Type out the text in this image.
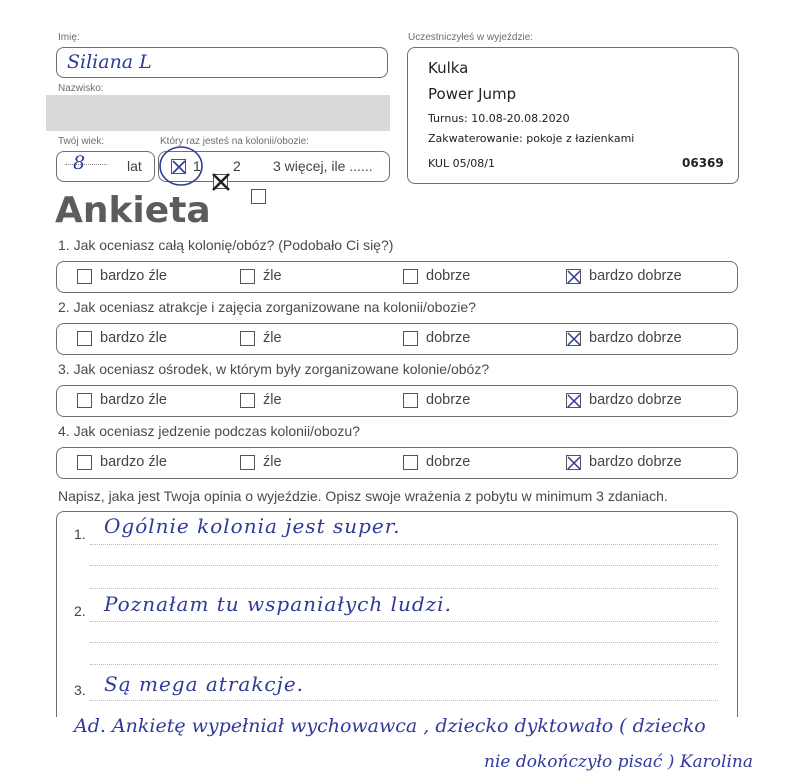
Imię:
Siliana L
Nazwisko:
Twój wiek:
8	lat
Który raz jesteś na kolonii/obozie:
1 2 3 więcej, ile ......
Uczestniczyłeś w wyjeździe:
Kulka
Power Jump
Turnus: 10.08-20.08.2020
Zakwaterowanie: pokoje z łazienkami
KUL 05/08/1	06369
Ankieta
1. Jak oceniasz całą kolonię/obóz? (Podobało Ci się?)
bardzo źle	źle	dobrze	bardzo dobrze
2. Jak oceniasz atrakcje i zajęcia zorganizowane na kolonii/obozie?
bardzo źle	źle	dobrze	bardzo dobrze
3. Jak oceniasz ośrodek, w którym były zorganizowane kolonie/obóz?
bardzo źle	źle	dobrze	bardzo dobrze
4. Jak oceniasz jedzenie podczas kolonii/obozu?
bardzo źle	źle	dobrze	bardzo dobrze
Napisz, jaka jest Twoja opinia o wyjeździe. Opisz swoje wrażenia z pobytu w minimum 3 zdaniach.
1. Ogólnie kolonia jest super.
2. Poznałam tu wspaniałych ludzi.
3. Są mega atrakcje.
Ad. Ankietę wypełniał wychowawca , dziecko dyktowało ( dziecko
nie dokończyło pisać ) Karolina
